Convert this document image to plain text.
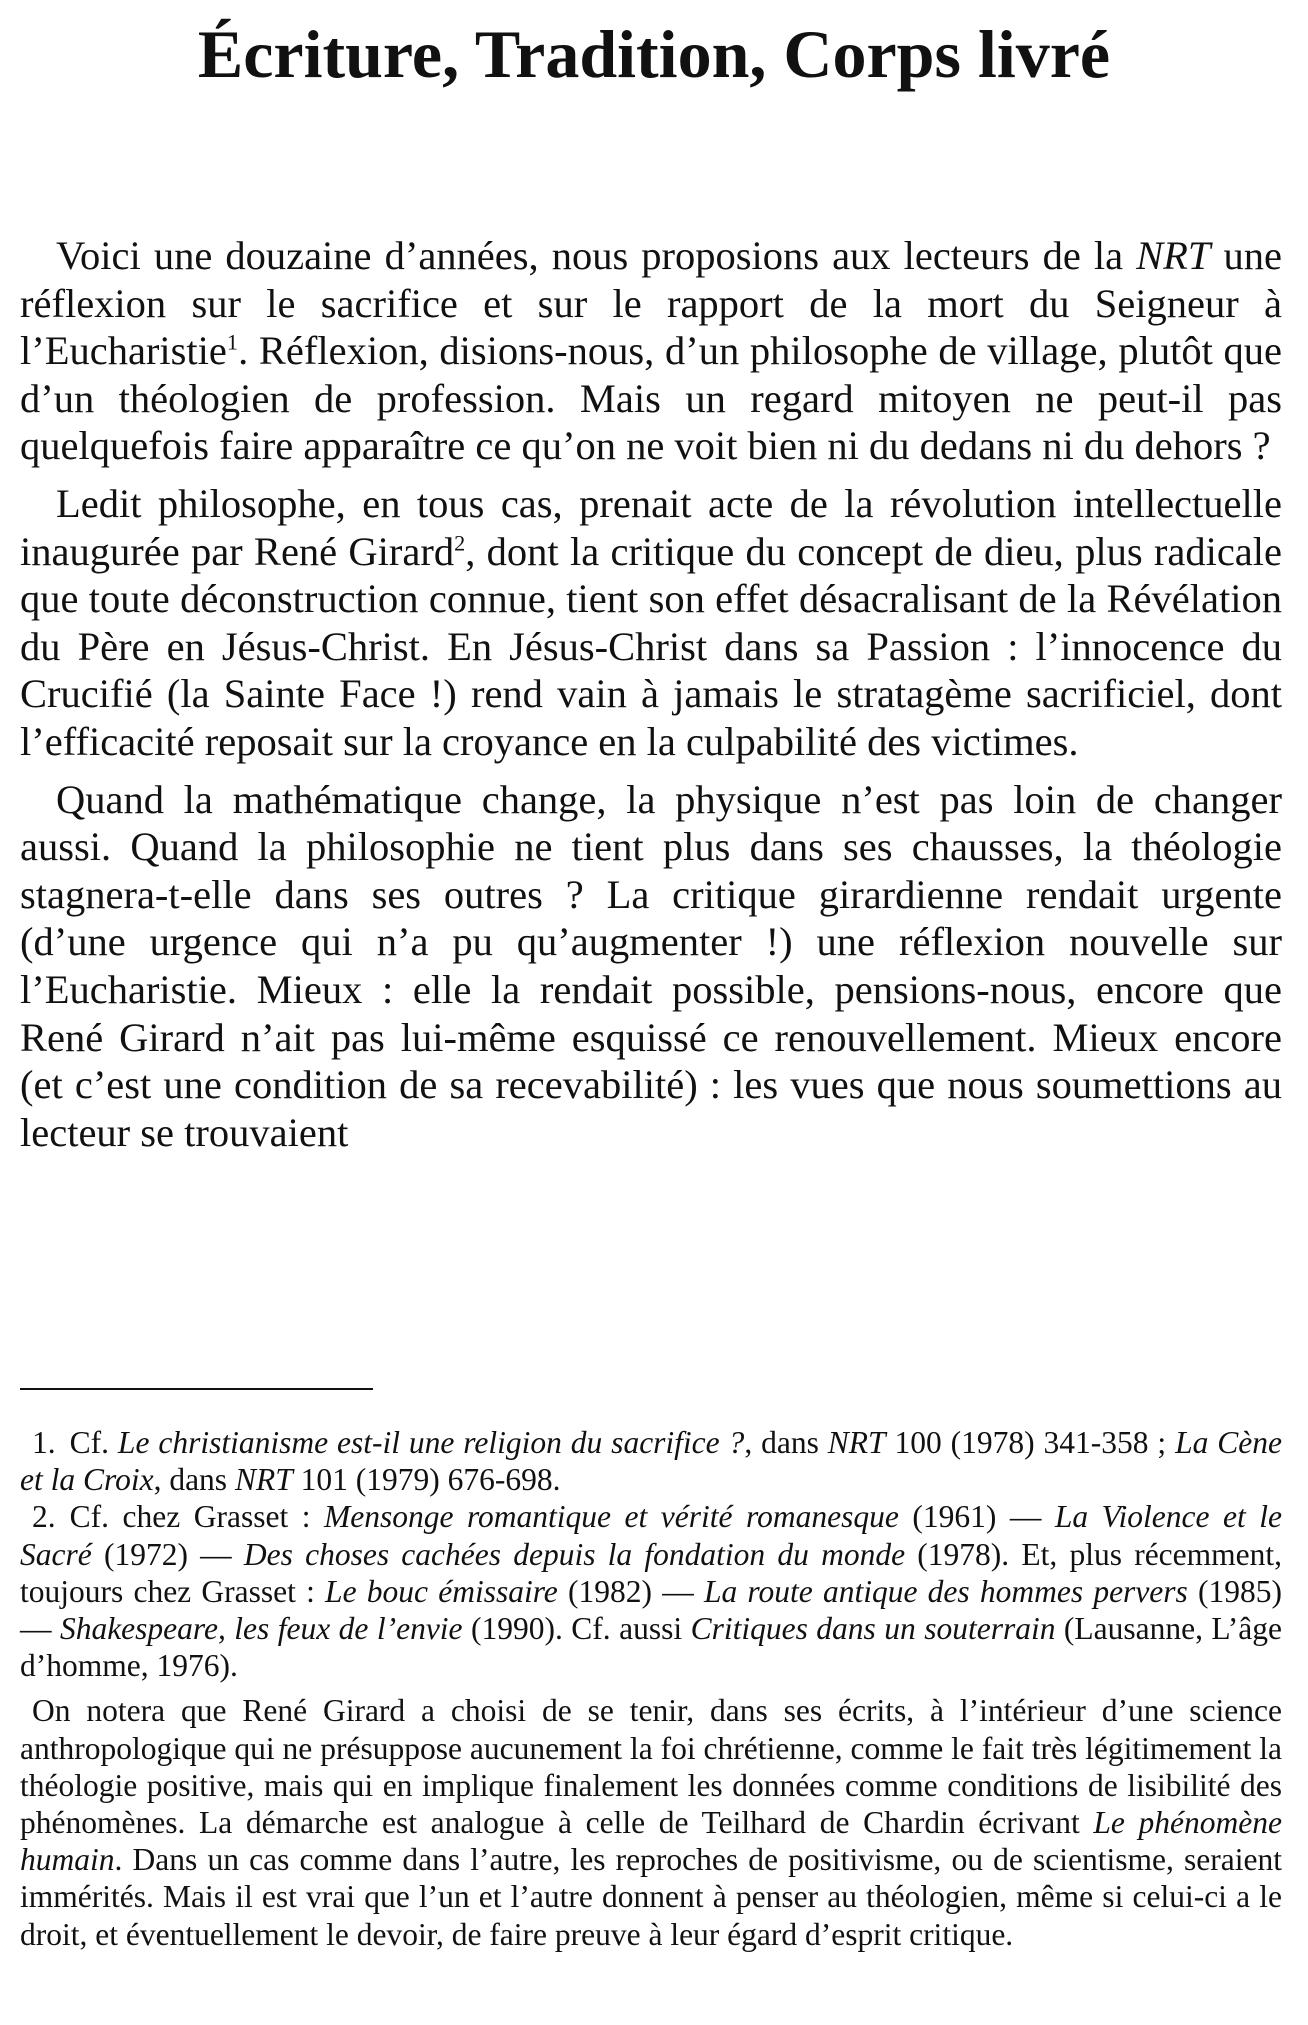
Écriture, Tradition, Corps livré

Voici une douzaine d’années, nous proposions aux lecteurs de la NRT une réflexion sur le sacrifice et sur le rapport de la mort du Seigneur à l’Eucharistie$^1$. Réflexion, disions-nous, d’un philosophe de village, plutôt que d’un théologien de profession. Mais un regard mitoyen ne peut-il pas quelquefois faire apparaître ce qu’on ne voit bien ni du dedans ni du dehors ?

Ledit philosophe, en tous cas, prenait acte de la révolution intellectuelle inaugurée par René Girard$^2$, dont la critique du concept de dieu, plus radicale que toute déconstruction connue, tient son effet désacralisant de la Révélation du Père en Jésus-Christ. En Jésus-Christ dans sa Passion : l’innocence du Crucifié (la Sainte Face !) rend vain à jamais le stratagème sacrificiel, dont l’efficacité reposait sur la croyance en la culpabilité des victimes.

Quand la mathématique change, la physique n’est pas loin de changer aussi. Quand la philosophie ne tient plus dans ses chausses, la théologie stagnera-t-elle dans ses outres ? La critique girardienne rendait urgente (d’une urgence qui n’a pu qu’augmenter !) une réflexion nouvelle sur l’Eucharistie. Mieux : elle la rendait possible, pensions-nous, encore que René Girard n’ait pas lui-même esquissé ce renouvellement. Mieux encore (et c’est une condition de sa recevabilité) : les vues que nous soumettions au lecteur se trouvaient

1. Cf. Le christianisme est-il une religion du sacrifice ?, dans NRT 100 (1978) 341-358 ; La Cène et la Croix, dans NRT 101 (1979) 676-698.

2. Cf. chez Grasset : Mensonge romantique et vérité romanesque (1961) — La Violence et le Sacré (1972) — Des choses cachées depuis la fondation du monde (1978). Et, plus récemment, toujours chez Grasset : Le bouc émissaire (1982) — La route antique des hommes pervers (1985) — Shakespeare, les feux de l’envie (1990). Cf. aussi Critiques dans un souterrain (Lausanne, L’âge d’homme, 1976).

On notera que René Girard a choisi de se tenir, dans ses écrits, à l’intérieur d’une science anthropologique qui ne présuppose aucunement la foi chrétienne, comme le fait très légitimement la théologie positive, mais qui en implique finalement les données comme conditions de lisibilité des phénomènes. La démarche est analogue à celle de Teilhard de Chardin écrivant Le phénomène humain. Dans un cas comme dans l’autre, les reproches de positivisme, ou de scientisme, seraient immérités. Mais il est vrai que l’un et l’autre donnent à penser au théologien, même si celui-ci a le droit, et éventuellement le devoir, de faire preuve à leur égard d’esprit critique.
